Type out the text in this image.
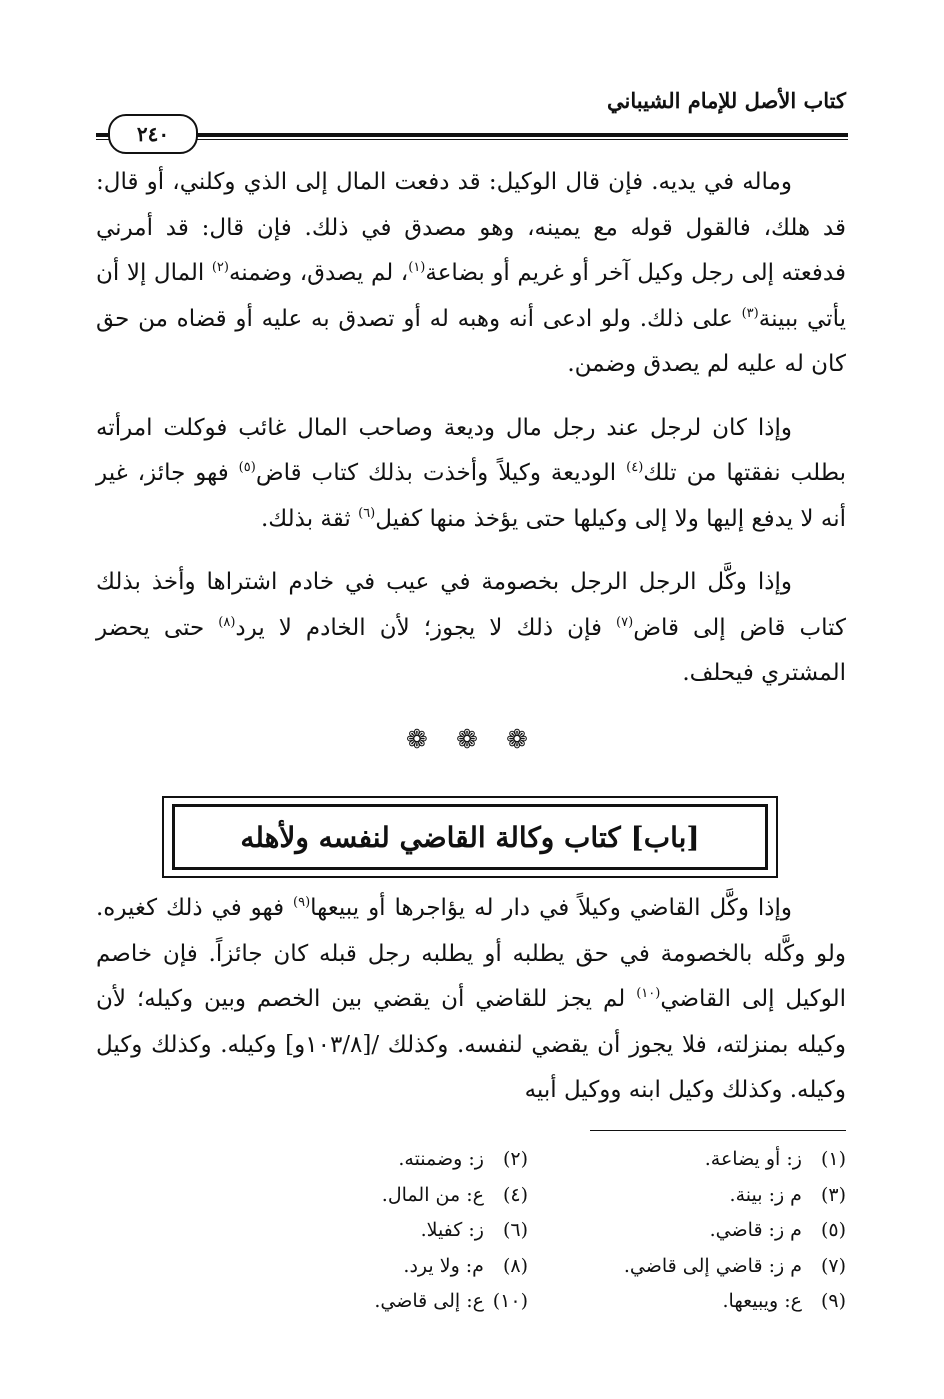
كتاب الأصل للإمام الشيباني
٢٤٠

وماله في يديه. فإن قال الوكيل: قد دفعت المال إلى الذي وكلني، أو قال: قد هلك، فالقول قوله مع يمينه، وهو مصدق في ذلك. فإن قال: قد أمرني فدفعته إلى رجل وكيل آخر أو غريم أو بضاعة$^{(١)}$، لم يصدق، وضمنه$^{(٢)}$ المال إلا أن يأتي ببينة$^{(٣)}$ على ذلك. ولو ادعى أنه وهبه له أو تصدق به عليه أو قضاه من حق كان له عليه لم يصدق وضمن.

وإذا كان لرجل عند رجل مال وديعة وصاحب المال غائب فوكلت امرأته بطلب نفقتها من تلك$^{(٤)}$ الوديعة وكيلاً وأخذت بذلك كتاب قاض$^{(٥)}$ فهو جائز، غير أنه لا يدفع إليها ولا إلى وكيلها حتى يؤخذ منها كفيل$^{(٦)}$ ثقة بذلك.

وإذا وكَّل الرجل الرجل بخصومة في عيب في خادم اشتراها وأخذ بذلك كتاب قاض إلى قاض$^{(٧)}$ فإن ذلك لا يجوز؛ لأن الخادم لا يرد$^{(٨)}$ حتى يحضر المشتري فيحلف.

❁ ❁ ❁
[باب] كتاب وكالة القاضي لنفسه ولأهله

وإذا وكَّل القاضي وكيلاً في دار له يؤاجرها أو يبيعها$^{(٩)}$ فهو في ذلك كغيره. ولو وكَّله بالخصومة في حق يطلبه أو يطلبه رجل قبله كان جائزاً. فإن خاصم الوكيل إلى القاضي$^{(١٠)}$ لم يجز للقاضي أن يقضي بين الخصم وبين وكيله؛ لأن وكيله بمنزلته، فلا يجوز أن يقضي لنفسه. وكذلك /[١٠٣/٨و] وكيله. وكذلك وكيل وكيله. وكذلك وكيل ابنه ووكيل أبيه

(١) ز: أو يضاعة.
(٢) ز: وضمنته.
(٣) م ز: بينة.
(٤) ع: من المال.
(٥) م ز: قاضي.
(٦) ز: كفيلا.
(٧) م ز: قاضي إلى قاضي.
(٨) م: ولا يرد.
(٩) ع: ويبيعها.
(١٠) ع: إلى قاضي.
